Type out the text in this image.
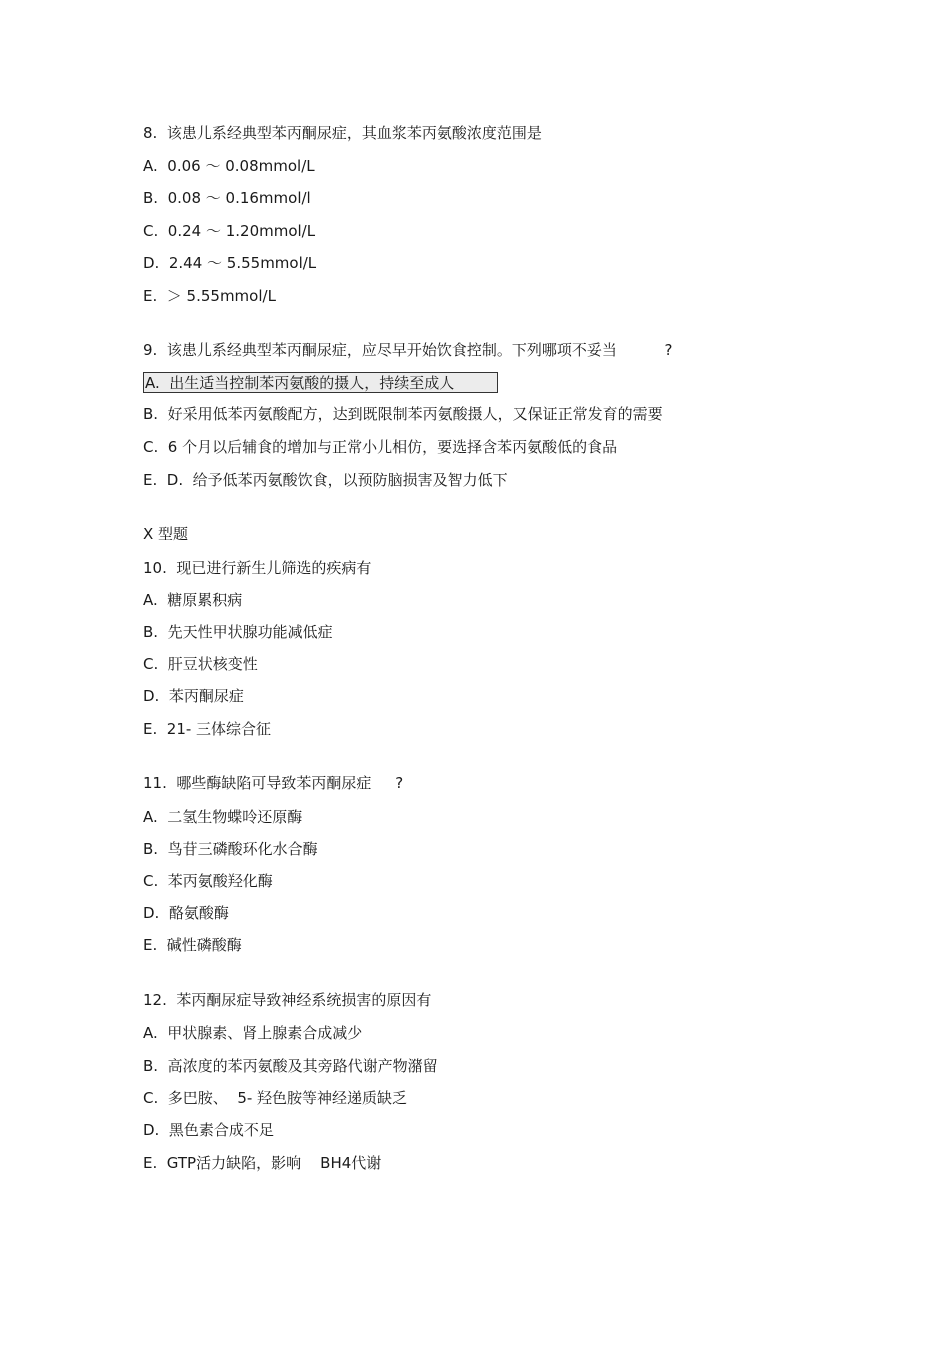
8.  该患儿系经典型苯丙酮尿症，其血浆苯丙氨酸浓度范围是
A.  0.06 ～ 0.08mmol/L
B.  0.08 ～ 0.16mmol/l
C.  0.24 ～ 1.20mmol/L
D.  2.44 ～ 5.55mmol/L
E.  ＞ 5.55mmol/L
9.  该患儿系经典型苯丙酮尿症，应尽早开始饮食控制。下列哪项不妥当          ?
A.  出生适当控制苯丙氨酸的摄人，持续至成人
B.  好采用低苯丙氨酸配方，达到既限制苯丙氨酸摄人，又保证正常发育的需要
C.  6 个月以后辅食的增加与正常小儿相仿，要选择含苯丙氨酸低的食品
E.  D.  给予低苯丙氨酸饮食，以预防脑损害及智力低下
X 型题
10.  现已进行新生儿筛选的疾病有
A.  糖原累积病
B.  先天性甲状腺功能减低症
C.  肝豆状核变性
D.  苯丙酮尿症
E.  21- 三体综合征
11.  哪些酶缺陷可导致苯丙酮尿症     ?
A.  二氢生物蝶呤还原酶
B.  鸟苷三磷酸环化水合酶
C.  苯丙氨酸羟化酶
D.  酪氨酸酶
E.  碱性磷酸酶
12.  苯丙酮尿症导致神经系统损害的原因有
A.  甲状腺素、肾上腺素合成减少
B.  高浓度的苯丙氨酸及其旁路代谢产物潴留
C.  多巴胺、  5- 羟色胺等神经递质缺乏
D.  黑色素合成不足
E.  GTP活力缺陷，影响    BH4代谢
